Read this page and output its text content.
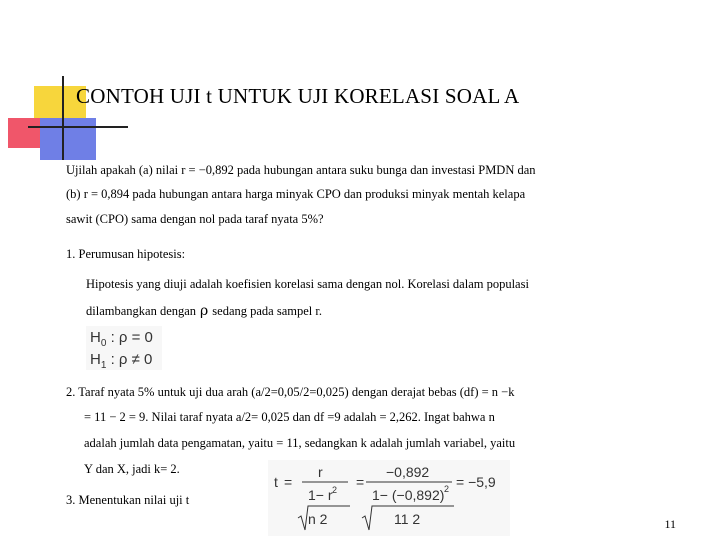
CONTOH UJI t UNTUK UJI KORELASI SOAL A
Ujilah apakah (a) nilai r = −0,892 pada hubungan antara suku bunga dan investasi PMDN dan
(b) r = 0,894 pada hubungan antara harga minyak CPO dan produksi minyak mentah kelapa
sawit (CPO) sama dengan nol pada taraf nyata 5%?
1. Perumusan hipotesis:
Hipotesis yang diuji adalah koefisien korelasi sama dengan nol. Korelasi dalam populasi
dilambangkan dengan ρ sedang pada sampel r.
$H_0$ : ρ = 0
$H_1$ : ρ ≠ 0
2. Taraf nyata 5% untuk uji dua arah (a/2=0,05/2=0,025) dengan derajat bebas (df) = n −k
= 11 − 2 = 9. Nilai taraf nyata a/2= 0,025 dan df =9 adalah = 2,262. Ingat bahwa n
adalah jumlah data pengamatan, yaitu = 11, sedangkan k adalah jumlah variabel, yaitu
Y dan X, jadi k= 2.
3. Menentukan nilai uji t
t =
r
1− r 2
n 2
=
−0,892
1− (−0,892) 2
11 2
= −5,9
11
